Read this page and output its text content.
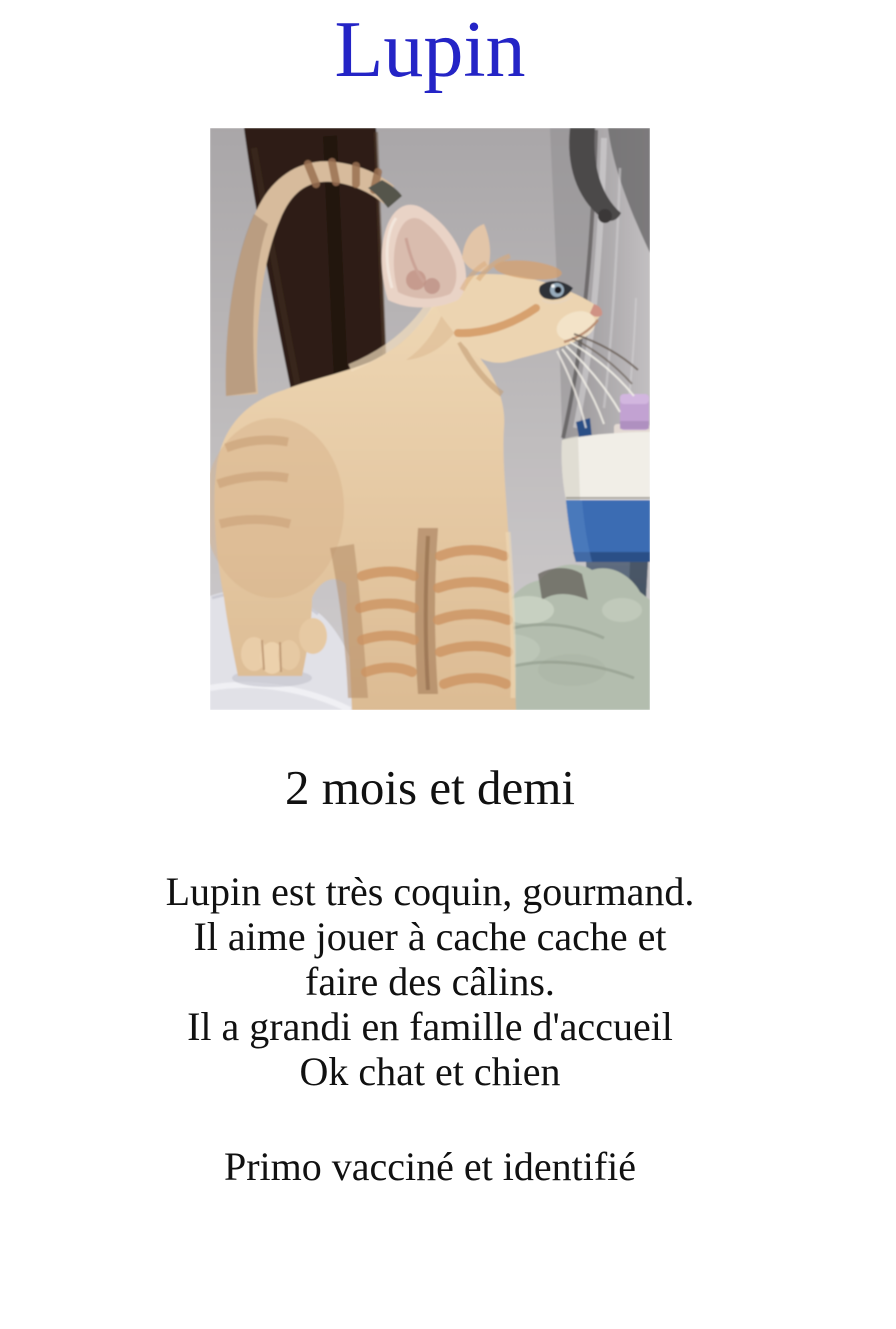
Lupin

2 mois et demi

Lupin est très coquin, gourmand.
Il aime jouer à cache cache et
faire des câlins.
Il a grandi en famille d'accueil
Ok chat et chien

Primo vacciné et identifié
